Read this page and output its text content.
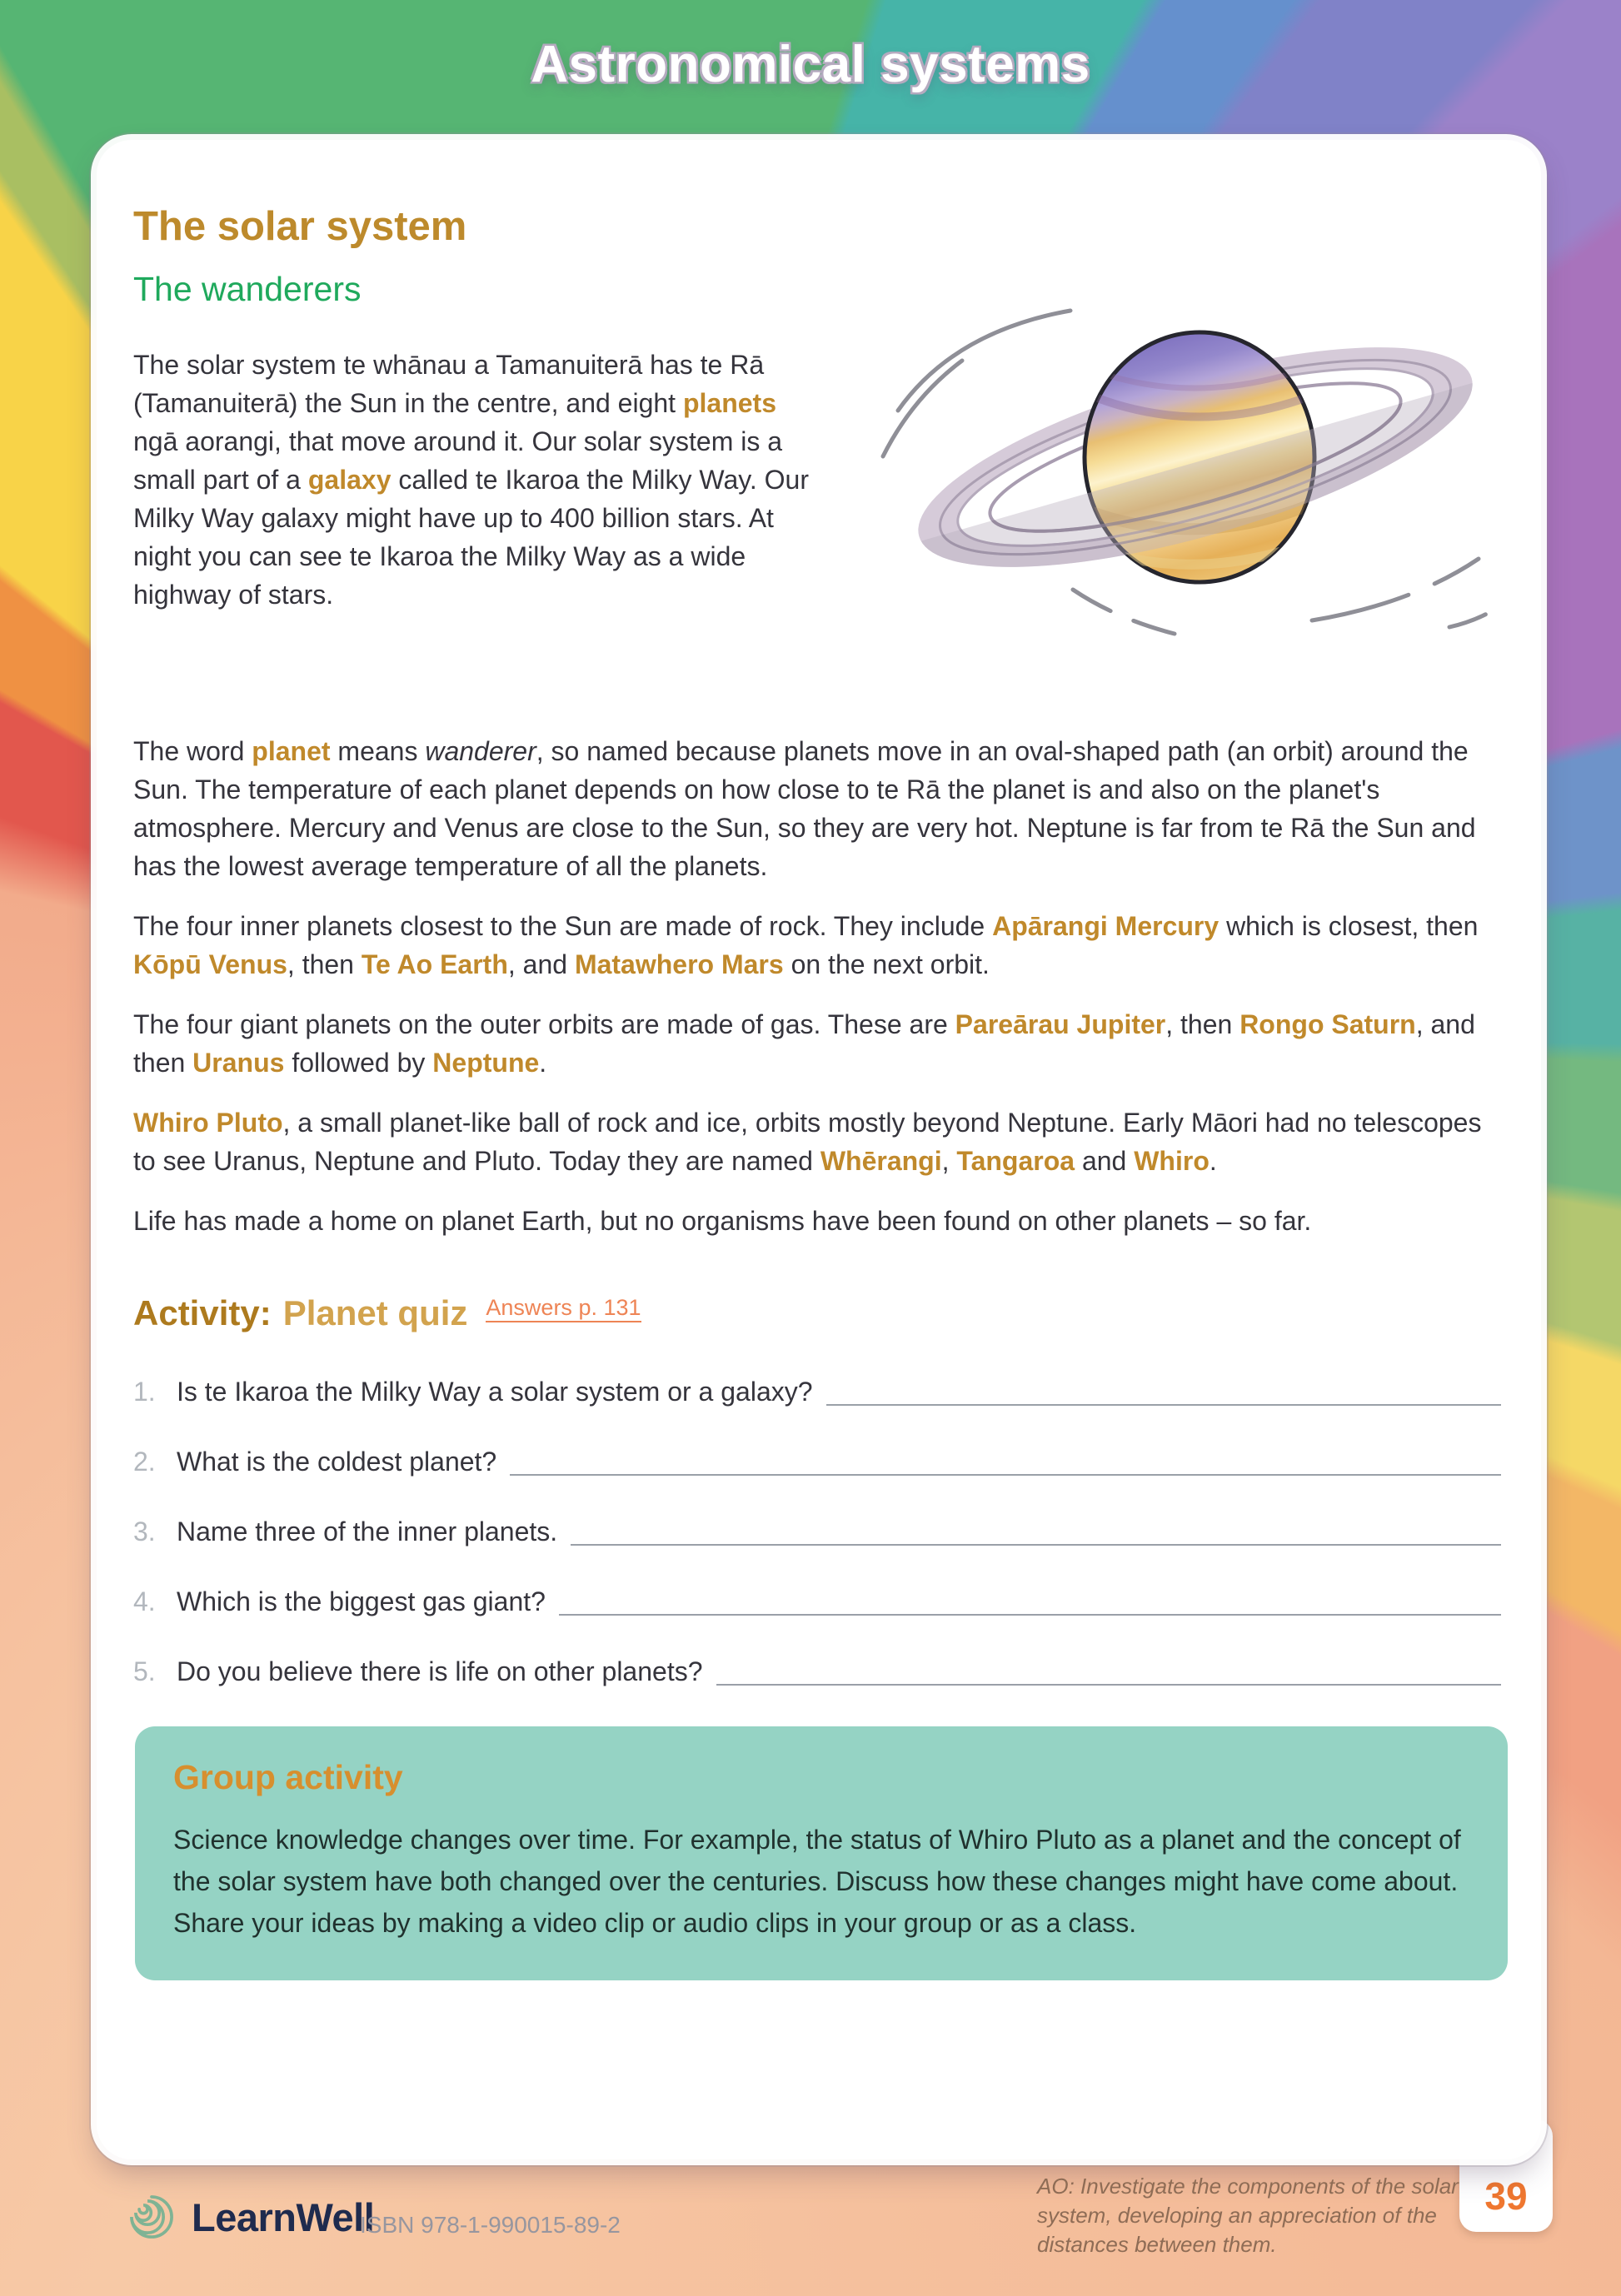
Astronomical systems
39
The solar system
The wanderers

The solar system te whānau a Tamanuiterā has te Rā (Tamanuiterā) the Sun in the centre, and eight planets ngā aorangi, that move around it. Our solar system is a small part of a galaxy called te Ikaroa the Milky Way. Our Milky Way galaxy might have up to 400 billion stars. At night you can see te Ikaroa the Milky Way as a wide highway of stars.

The word planet means wanderer, so named because planets move in an oval-shaped path (an orbit) around the Sun. The temperature of each planet depends on how close to te Rā the planet is and also on the planet's atmosphere. Mercury and Venus are close to the Sun, so they are very hot. Neptune is far from te Rā the Sun and has the lowest average temperature of all the planets.

The four inner planets closest to the Sun are made of rock. They include Apārangi Mercury which is closest, then Kōpū Venus, then Te Ao Earth, and Matawhero Mars on the next orbit.

The four giant planets on the outer orbits are made of gas. These are Pareārau Jupiter, then Rongo Saturn, and then Uranus followed by Neptune.

Whiro Pluto, a small planet-like ball of rock and ice, orbits mostly beyond Neptune. Early Māori had no telescopes to see Uranus, Neptune and Pluto. Today they are named Whērangi, Tangaroa and Whiro.

Life has made a home on planet Earth, but no organisms have been found on other planets – so far.

Activity: Planet quiz Answers p. 131
1. Is te Ikaroa the Milky Way a solar system or a galaxy?
2. What is the coldest planet?
3. Name three of the inner planets.
4. Which is the biggest gas giant?
5. Do you believe there is life on other planets?
Group activity

Science knowledge changes over time. For example, the status of Whiro Pluto as a planet and the concept of the solar system have both changed over the centuries. Discuss how these changes might have come about. Share your ideas by making a video clip or audio clips in your group or as a class.

LearnWell
ISBN 978-1-990015-89-2
AO: Investigate the components of the solar system, developing an appreciation of the distances between them.
